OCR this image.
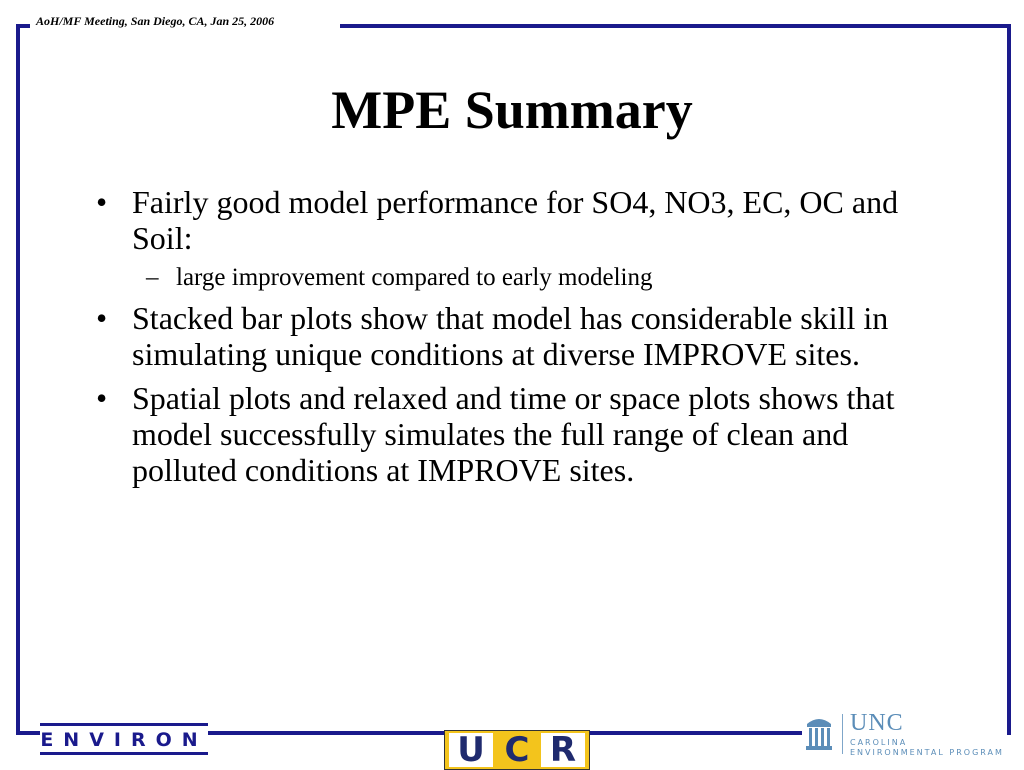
AoH/MF Meeting, San Diego, CA, Jan 25, 2006
MPE Summary
• Fairly good model performance for SO4, NO3, EC, OC and Soil:
– large improvement compared to early modeling
• Stacked bar plots show that model has considerable skill in simulating unique conditions at diverse IMPROVE sites.
• Spatial plots and relaxed and time or space plots shows that model successfully simulates the full range of clean and polluted conditions at IMPROVE sites.
ENVIRON	U C R
UNC
CAROLINA
ENVIRONMENTAL PROGRAM
